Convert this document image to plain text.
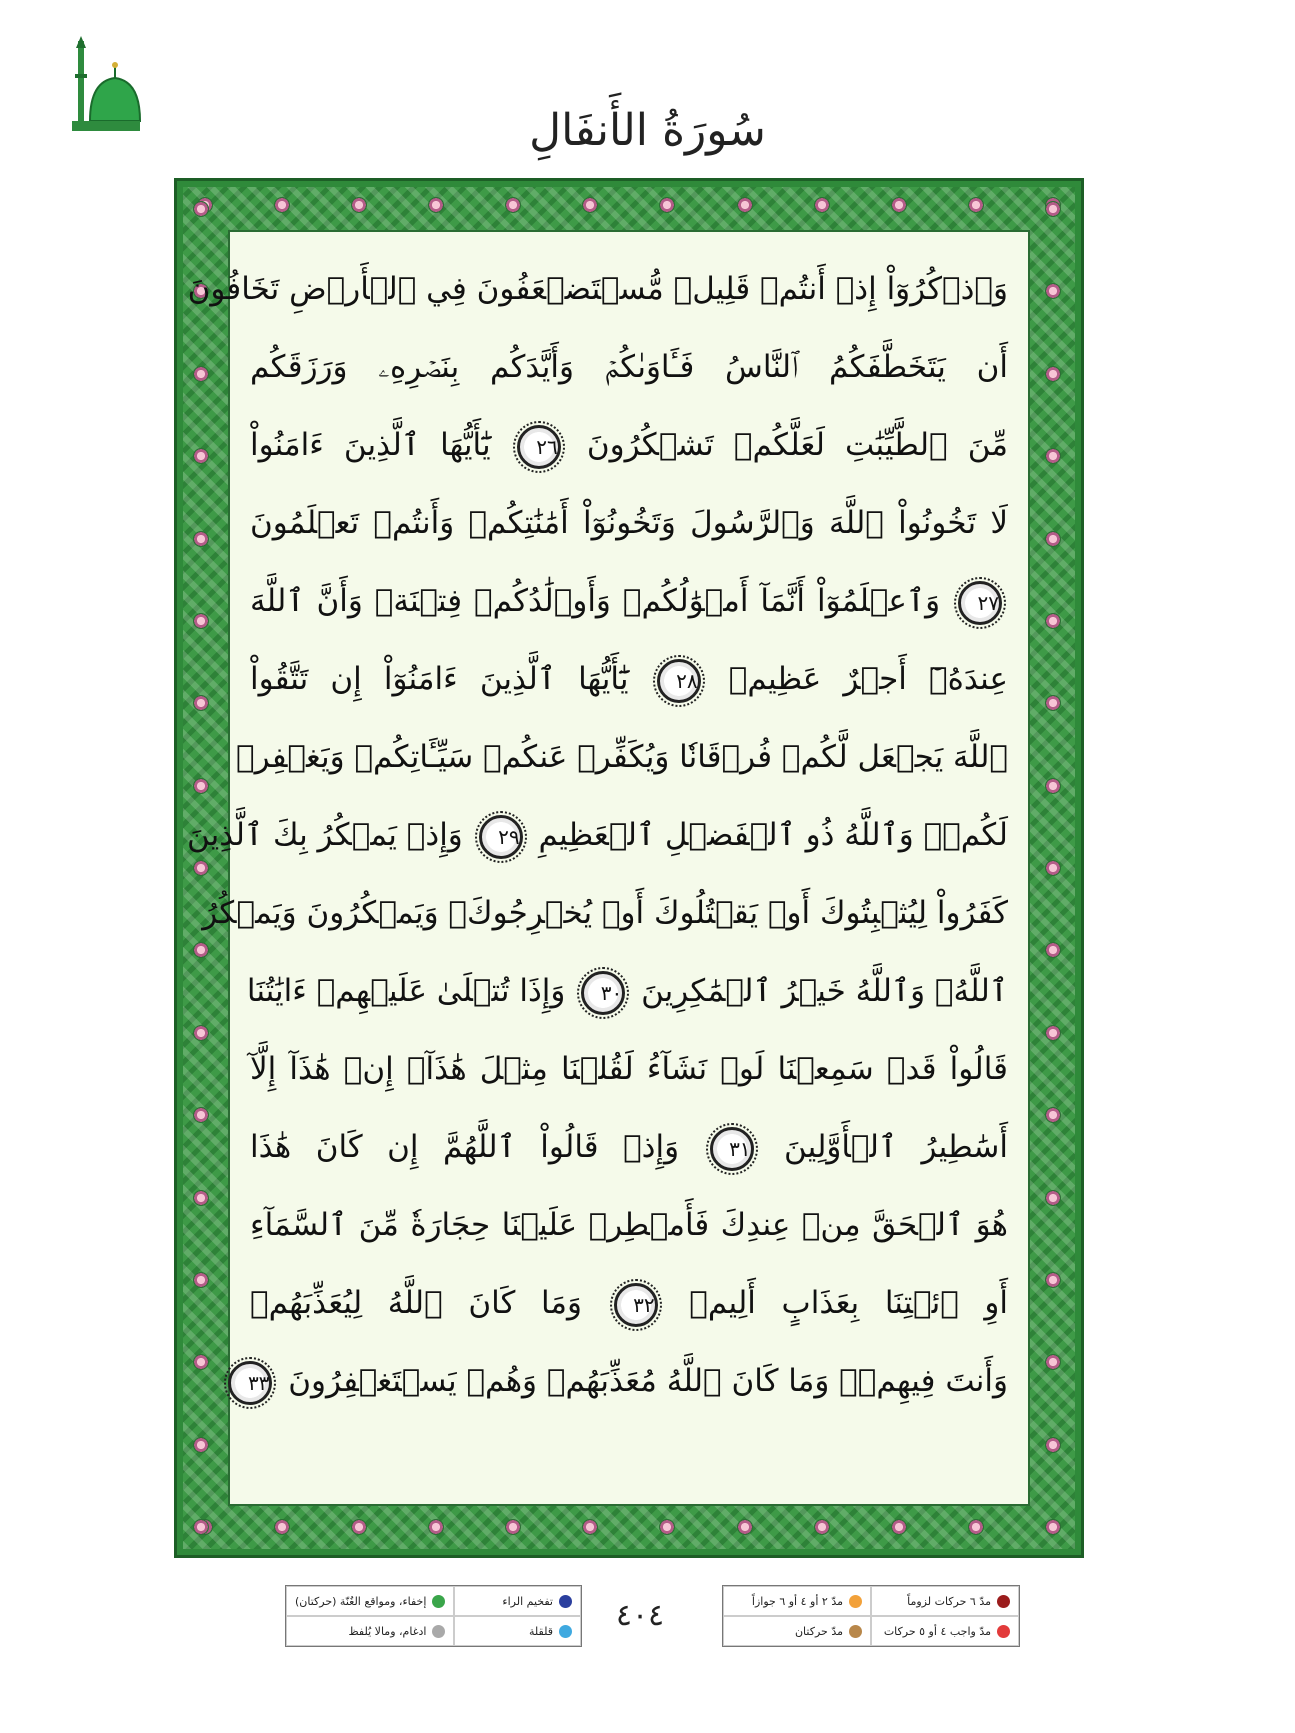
سُورَةُ الأَنفَالِ
وَٱذۡكُرُوٓاْ إِذۡ أَنتُمۡ قَلِيلٞ مُّسۡتَضۡعَفُونَ فِي ٱلۡأَرۡضِ تَخَافُونَ
أَن يَتَخَطَّفَكُمُ ٱلنَّاسُ فَـَٔاوَىٰكُمۡ وَأَيَّدَكُم بِنَصۡرِهِۦ وَرَزَقَكُم
مِّنَ ٱلطَّيِّبَٰتِ لَعَلَّكُمۡ تَشۡكُرُونَ ٢٦ يَٰٓأَيُّهَا ٱلَّذِينَ ءَامَنُواْ
لَا تَخُونُواْ ٱللَّهَ وَٱلرَّسُولَ وَتَخُونُوٓاْ أَمَٰنَٰتِكُمۡ وَأَنتُمۡ تَعۡلَمُونَ
٢٧ وَٱعۡلَمُوٓاْ أَنَّمَآ أَمۡوَٰلُكُمۡ وَأَوۡلَٰدُكُمۡ فِتۡنَةٞ وَأَنَّ ٱللَّهَ
عِندَهُۥٓ أَجۡرٌ عَظِيمٞ ٢٨ يَٰٓأَيُّهَا ٱلَّذِينَ ءَامَنُوٓاْ إِن تَتَّقُواْ
ٱللَّهَ يَجۡعَل لَّكُمۡ فُرۡقَانٗا وَيُكَفِّرۡ عَنكُمۡ سَيِّـَٔاتِكُمۡ وَيَغۡفِرۡ
لَكُمۡۗ وَٱللَّهُ ذُو ٱلۡفَضۡلِ ٱلۡعَظِيمِ ٢٩ وَإِذۡ يَمۡكُرُ بِكَ ٱلَّذِينَ
كَفَرُواْ لِيُثۡبِتُوكَ أَوۡ يَقۡتُلُوكَ أَوۡ يُخۡرِجُوكَۚ وَيَمۡكُرُونَ وَيَمۡكُرُ
ٱللَّهُۖ وَٱللَّهُ خَيۡرُ ٱلۡمَٰكِرِينَ ٣٠ وَإِذَا تُتۡلَىٰ عَلَيۡهِمۡ ءَايَٰتُنَا
قَالُواْ قَدۡ سَمِعۡنَا لَوۡ نَشَآءُ لَقُلۡنَا مِثۡلَ هَٰذَآۙ إِنۡ هَٰذَآ إِلَّآ
أَسَٰطِيرُ ٱلۡأَوَّلِينَ ٣١ وَإِذۡ قَالُواْ ٱللَّهُمَّ إِن كَانَ هَٰذَا
هُوَ ٱلۡحَقَّ مِنۡ عِندِكَ فَأَمۡطِرۡ عَلَيۡنَا حِجَارَةٗ مِّنَ ٱلسَّمَآءِ
أَوِ ٱئۡتِنَا بِعَذَابٍ أَلِيمٖ ٣٢ وَمَا كَانَ ٱللَّهُ لِيُعَذِّبَهُمۡ
وَأَنتَ فِيهِمۡۚ وَمَا كَانَ ٱللَّهُ مُعَذِّبَهُمۡ وَهُمۡ يَسۡتَغۡفِرُونَ ٣٣
تفخيم الراء
إخفاء، ومواقع الغُنّة (حركتان)
قلقلة
ادغام، ومالا يُلفظ	٤٠٤	مدّ ٦ حركات لزوماً
مدّ ٢ أو ٤ أو ٦ جوازاً
مدّ واجب ٤ أو ٥ حركات
مدّ حركتان
